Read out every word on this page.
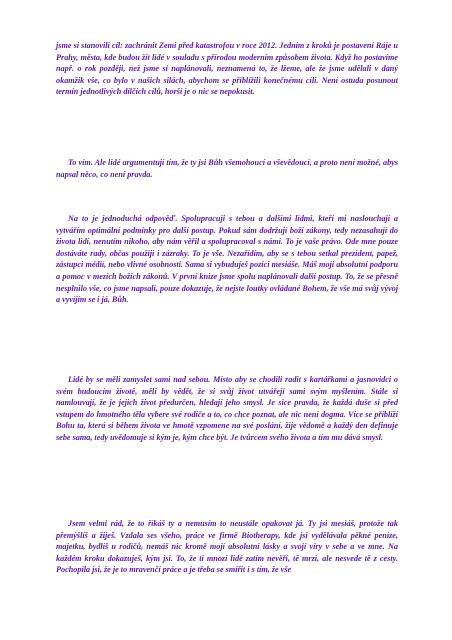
jsme si stanovili cíl: zachránit Zemi před katastrofou v roce 2012. Jedním z kroků je postavení Ráje u Prahy, města, kde budou žít lidé v souladu s přírodou moderním způsobem života. Když ho postavíme např. o rok později, než jsme si naplánovali, neznamená to, že lžeme, ale že jsme udělali v daný okamžik vše, co bylo v našich silách, abychom se přiblížili konečnému cíli. Není ostuda posunout termín jednotlivých dílčích cílů, horší je o nic se nepokusit.

To vím. Ale lidé argumentují tím, že ty jsi Bůh všemohoucí a vševědoucí, a proto není možné, abys napsal něco, co není pravda.

Na to je jednoduchá odpověď. Spolupracuji s tebou a dalšími lidmi, kteří mi naslouchají a vytvářím optimální podmínky pro další postup. Pokud sám dodržují boží zákony, tedy nezasahují do života lidí, nenutím nikoho, aby nám věřil a spolupracoval s námi. To je vaše právo. Ode mne pouze dostáváte rady, občas použiji i zázraky. To je vše. Nezařídím, aby se s tebou setkal prezident, papež, zástupci médií, nebo vlivné osobnosti. Sama si vybuduješ pozici mesiáše. Máš moji absolutní podporu a pomoc v mezích božích zákonů. V první knize jsme spolu naplánovali další postup. To, že se přesně nesplnilo vše, co jsme napsali, pouze dokazuje, že nejste loutky ovládané Bohem, že vše má svůj vývoj a vyvíjím se i já, Bůh.

Lidé by se měli zamyslet sami nad sebou. Místo aby se chodili radit s kartářkami a jasnovidci o svém budoucím životě, měli by vědět, že si svůj život utvářejí sami svým myšlením. Stále si namlouvají, že je jejich život předurčen, hledají jeho smysl. Je sice pravda, že každá duše si před vstupem do hmotného těla vybere své rodiče a to, co chce poznat, ale nic není dogma. Více se přiblíží Bohu ta, která si během života ve hmotě vzpomene na své poslání, žije vědomě a každý den definuje sebe sama, tedy uvědomuje si kým je, kým chce být. Je tvůrcem svého života a tím mu dává smysl.

Jsem velmi rád, že to říkáš ty a nemusím to neustále opakovat já. Ty jsi mesiáš, protože tak přemýšlíš a žiješ. Vzdala ses všeho, práce ve firmě Biotherapy, kde jsi vydělávala pěkné peníze, majetku, bydlíš u rodičů, nemáš nic kromě mojí absolutní lásky a svojí víry v sebe a ve mne. Na každém kroku dokazuješ, kým jsi. To, že ti mnozí lidé zatím nevěří, tě mrzí, ale nesvede tě z cesty. Pochopila jsi, že je to mravenčí práce a je třeba se smířit i s tím, že vše
